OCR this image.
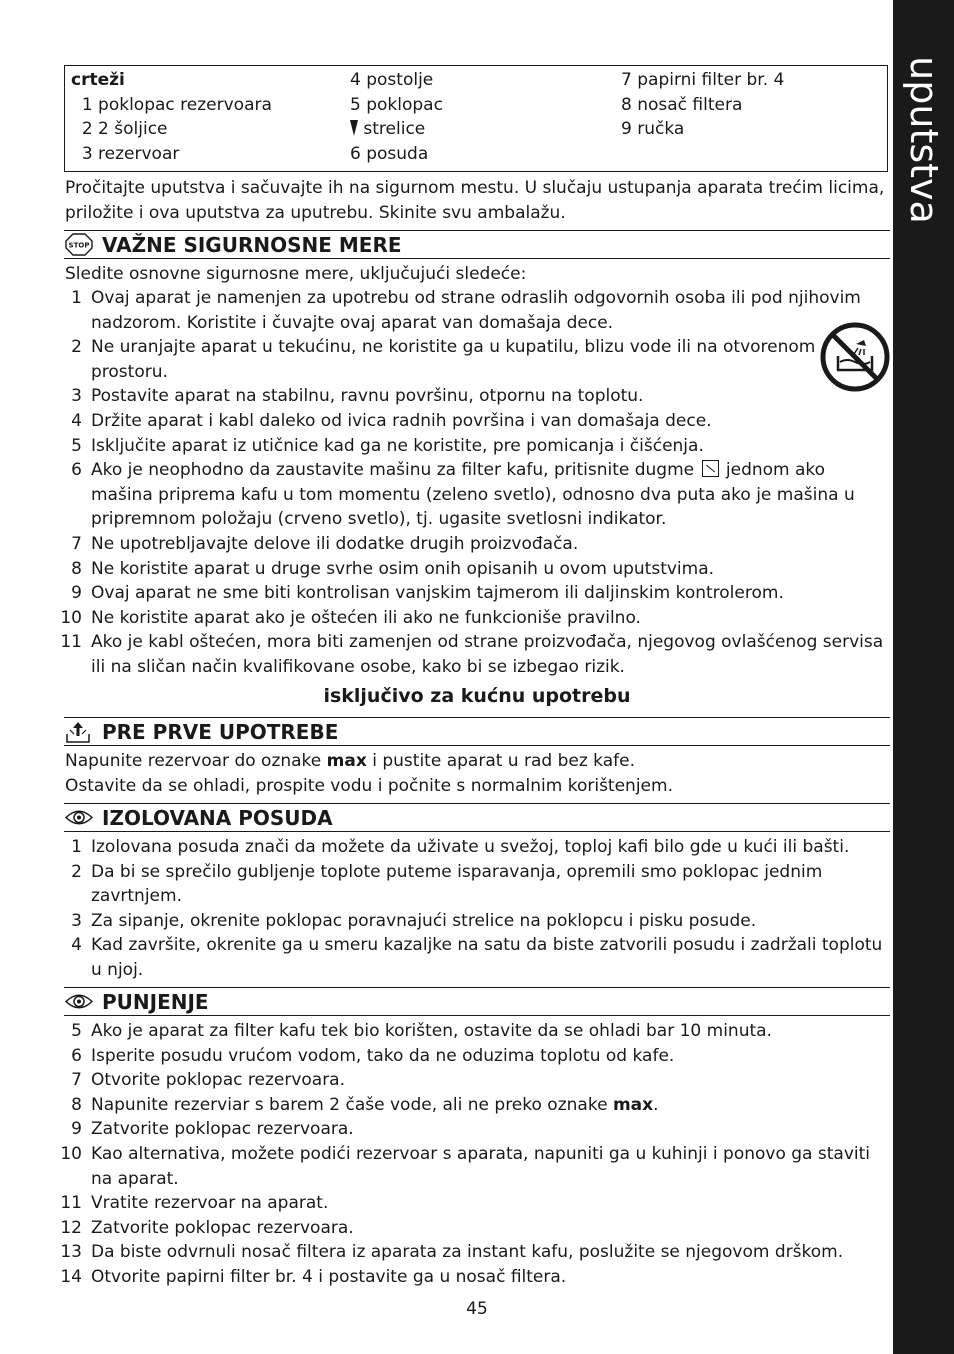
uputstva
crteži
1 poklopac rezervoara
2 2 šoljice
3 rezervoar
4 postolje
5 poklopac
strelice
6 posuda
7 papirni filter br. 4
8 nosač filtera
9 ručka
Pročitajte uputstva i sačuvajte ih na sigurnom mestu. U slučaju ustupanja aparata trećim licima,
priložite i ova uputstva za uputrebu. Skinite svu ambalažu.
STOP VAŽNE SIGURNOSNE MERE
Sledite osnovne sigurnosne mere, uključujući sledeće:
1 Ovaj aparat je namenjen za upotrebu od strane odraslih odgovornih osoba ili pod njihovim
nadzorom. Koristite i čuvajte ovaj aparat van domašaja dece.
2 Ne uranjajte aparat u tekućinu, ne koristite ga u kupatilu, blizu vode ili na otvorenom
prostoru.
3 Postavite aparat na stabilnu, ravnu površinu, otpornu na toplotu.
4 Držite aparat i kabl daleko od ivica radnih površina i van domašaja dece.
5 Isključite aparat iz utičnice kad ga ne koristite, pre pomicanja i čišćenja.
6 Ako je neophodno da zaustavite mašinu za filter kafu, pritisnite dugme jednom ako
mašina priprema kafu u tom momentu (zeleno svetlo), odnosno dva puta ako je mašina u
pripremnom položaju (crveno svetlo), tj. ugasite svetlosni indikator.
7 Ne upotrebljavajte delove ili dodatke drugih proizvođača.
8 Ne koristite aparat u druge svrhe osim onih opisanih u ovom uputstvima.
9 Ovaj aparat ne sme biti kontrolisan vanjskim tajmerom ili daljinskim kontrolerom.
10 Ne koristite aparat ako je oštećen ili ako ne funkcioniše pravilno.
11 Ako je kabl oštećen, mora biti zamenjen od strane proizvođača, njegovog ovlašćenog servisa
ili na sličan način kvalifikovane osobe, kako bi se izbegao rizik.
isključivo za kućnu upotrebu
PRE PRVE UPOTREBE
Napunite rezervoar do oznake max i pustite aparat u rad bez kafe.
Ostavite da se ohladi, prospite vodu i počnite s normalnim korištenjem.
IZOLOVANA POSUDA
1 Izolovana posuda znači da možete da uživate u svežoj, toploj kafi bilo gde u kući ili bašti.
2 Da bi se sprečilo gubljenje toplote puteme isparavanja, opremili smo poklopac jednim
zavrtnjem.
3 Za sipanje, okrenite poklopac poravnajući strelice na poklopcu i pisku posude.
4 Kad završite, okrenite ga u smeru kazaljke na satu da biste zatvorili posudu i zadržali toplotu
u njoj.
PUNJENJE
5 Ako je aparat za filter kafu tek bio korišten, ostavite da se ohladi bar 10 minuta.
6 Isperite posudu vrućom vodom, tako da ne oduzima toplotu od kafe.
7 Otvorite poklopac rezervoara.
8 Napunite rezerviar s barem 2 čaše vode, ali ne preko oznake max.
9 Zatvorite poklopac rezervoara.
10 Kao alternativa, možete podići rezervoar s aparata, napuniti ga u kuhinji i ponovo ga staviti
na aparat.
11 Vratite rezervoar na aparat.
12 Zatvorite poklopac rezervoara.
13 Da biste odvrnuli nosač filtera iz aparata za instant kafu, poslužite se njegovom drškom.
14 Otvorite papirni filter br. 4 i postavite ga u nosač filtera.
45
